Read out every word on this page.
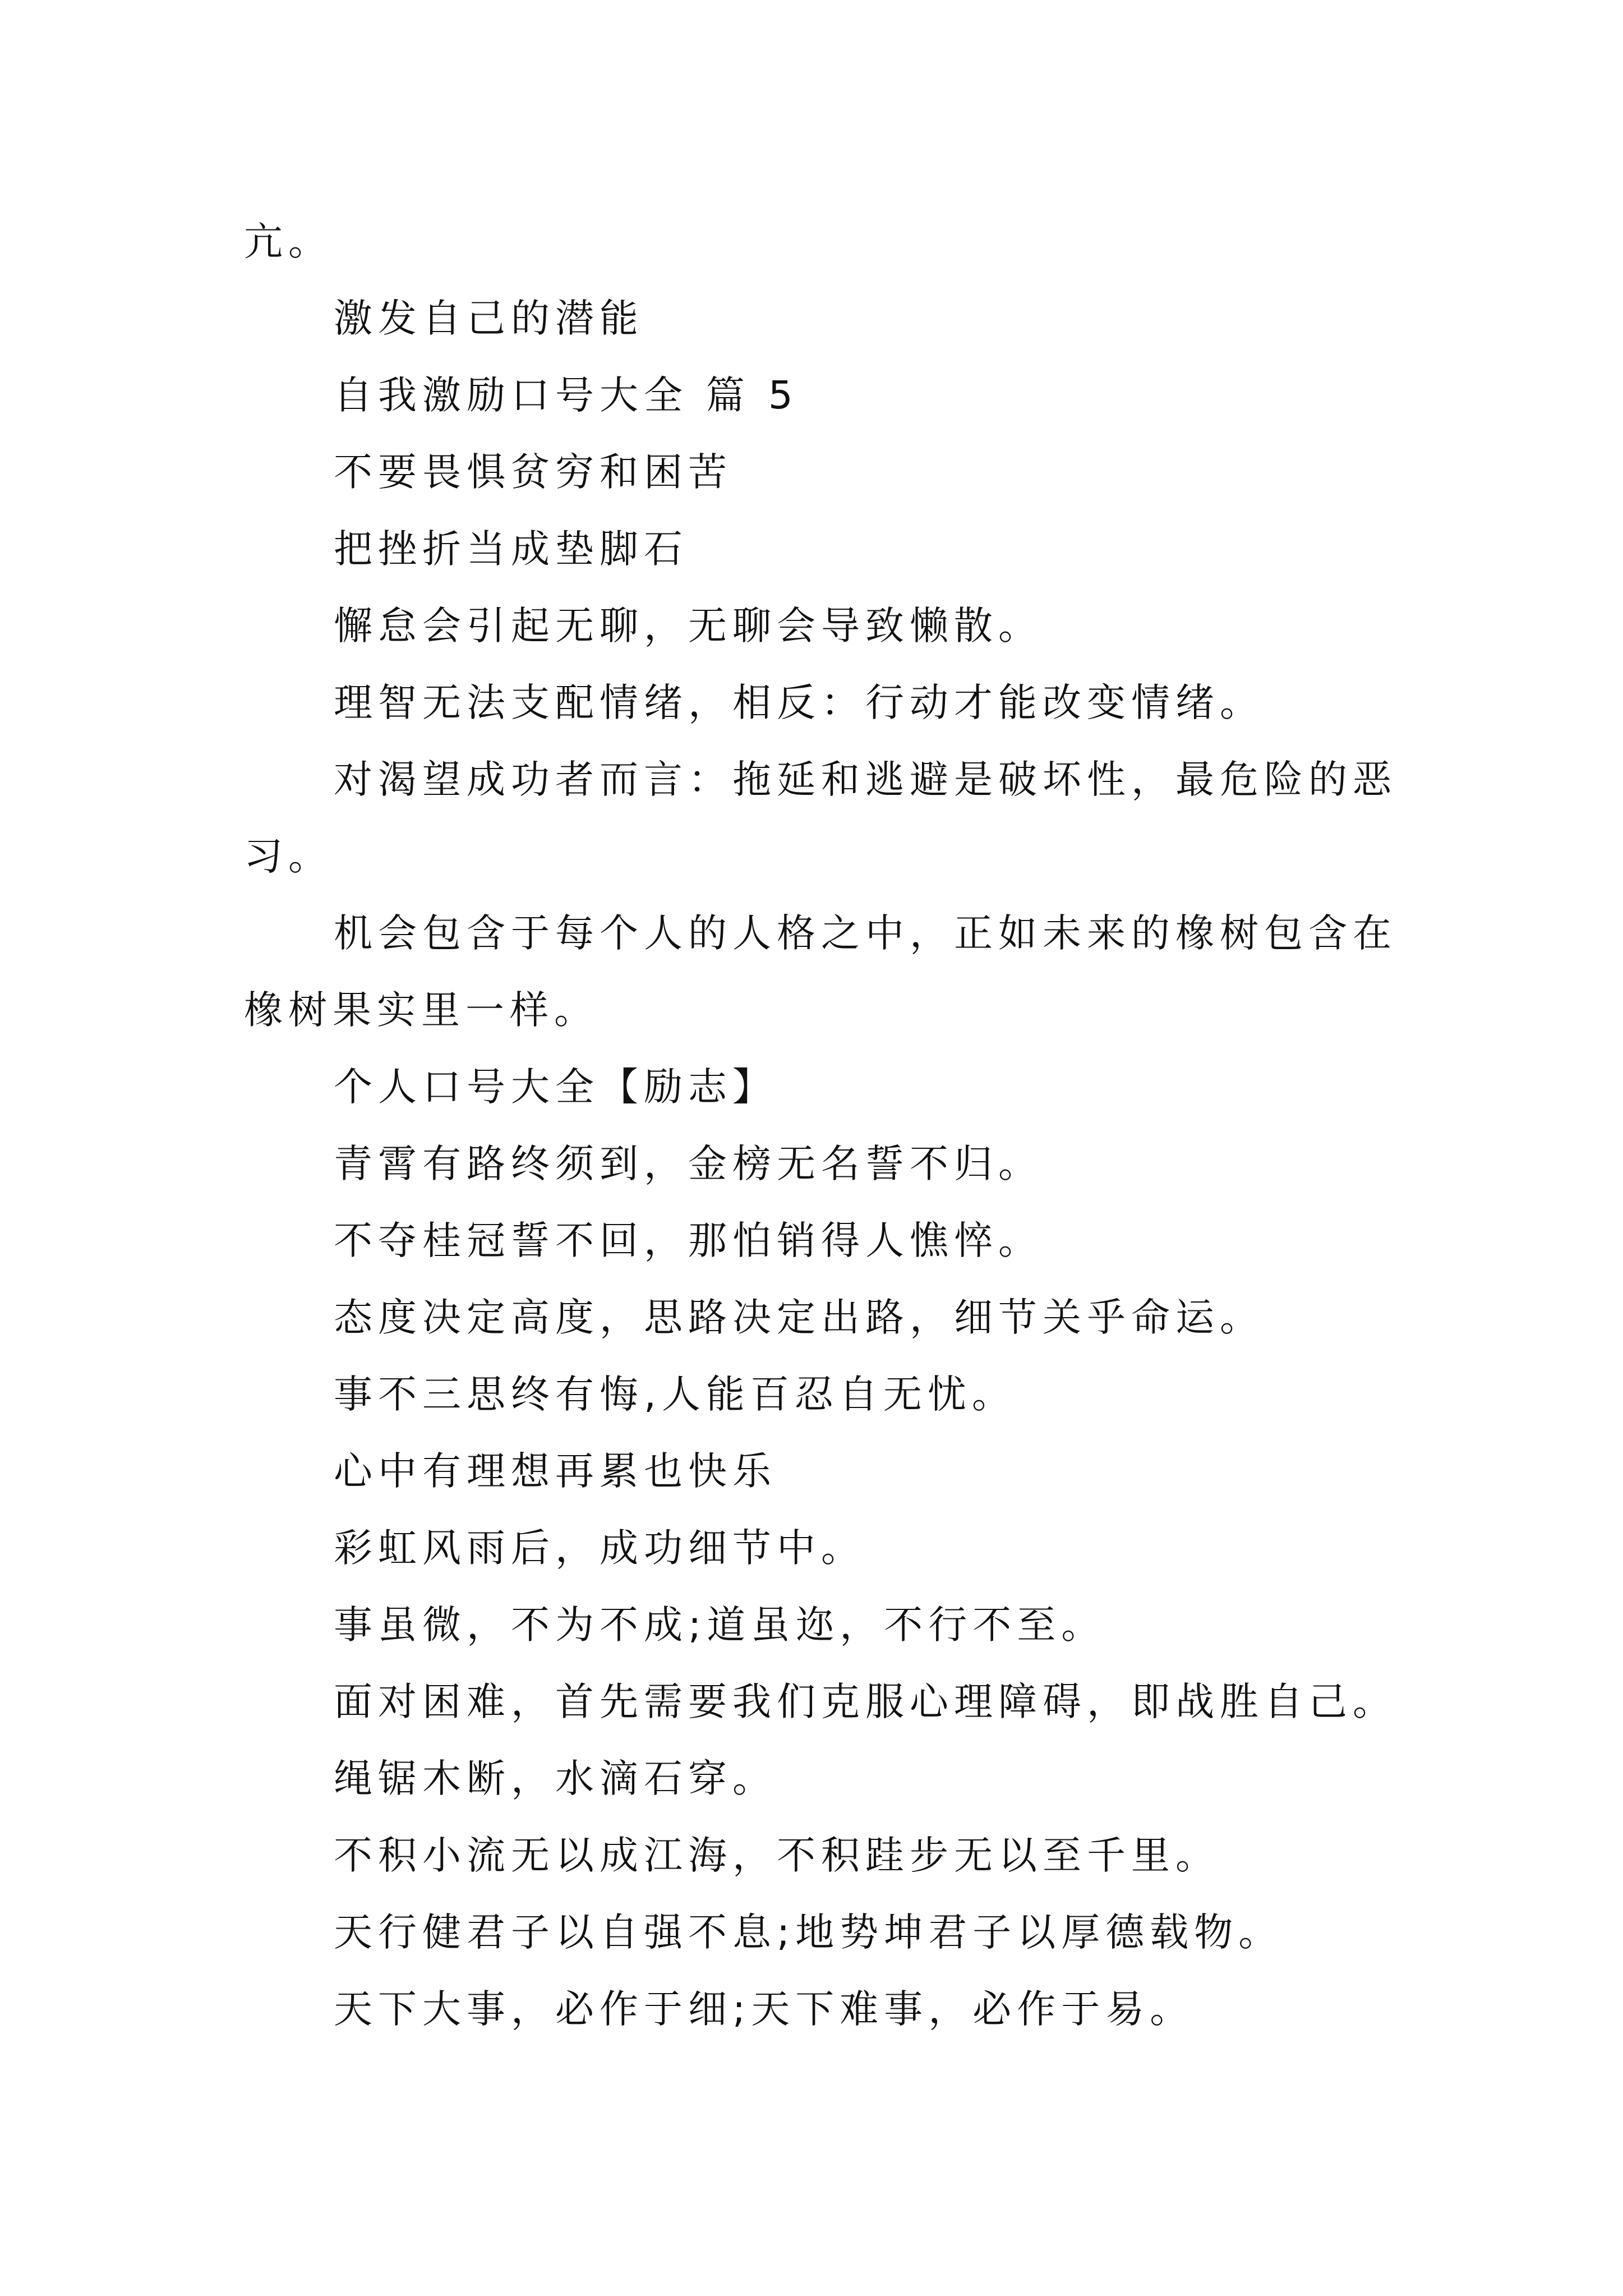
亢。

激发自己的潜能

自我激励口号大全 篇 5

不要畏惧贫穷和困苦

把挫折当成垫脚石

懈怠会引起无聊，无聊会导致懒散。

理智无法支配情绪，相反：行动才能改变情绪。

对渴望成功者而言：拖延和逃避是破坏性，最危险的恶

习。

机会包含于每个人的人格之中，正如未来的橡树包含在

橡树果实里一样。

个人口号大全【励志】

青霄有路终须到，金榜无名誓不归。

不夺桂冠誓不回，那怕销得人憔悴。

态度决定高度，思路决定出路，细节关乎命运。

事不三思终有悔,人能百忍自无忧。

心中有理想再累也快乐

彩虹风雨后，成功细节中。

事虽微，不为不成;道虽迩，不行不至。

面对困难，首先需要我们克服心理障碍，即战胜自己。

绳锯木断，水滴石穿。

不积小流无以成江海，不积跬步无以至千里。

天行健君子以自强不息;地势坤君子以厚德载物。

天下大事，必作于细;天下难事，必作于易。
